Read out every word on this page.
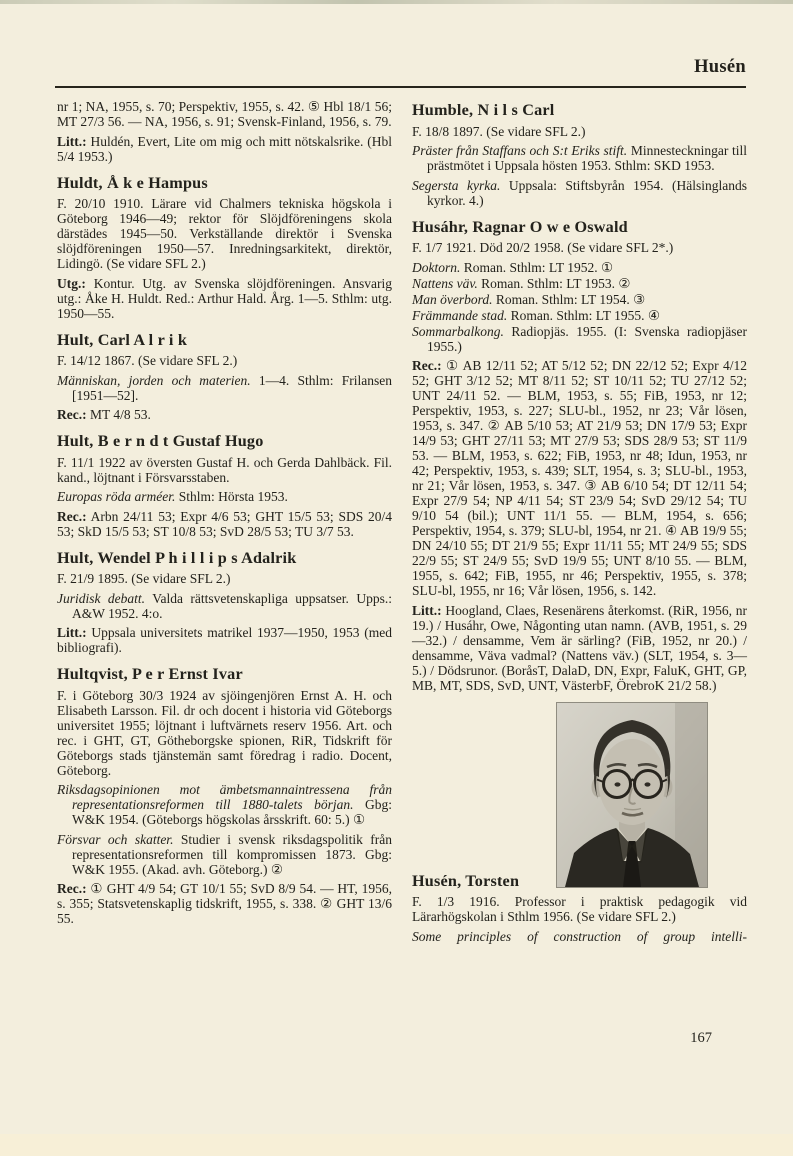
Husén

nr 1; NA, 1955, s. 70; Perspektiv, 1955, s. 42. ⑤ Hbl 18/1 56; MT 27/3 56. — NA, 1956, s. 91; Svensk-Finland, 1956, s. 79.

Litt.: Huldén, Evert, Lite om mig och mitt nötskalsrike. (Hbl 5/4 1953.)

Huldt, Å k e Hampus

F. 20/10 1910. Lärare vid Chalmers tekniska högskola i Göteborg 1946—49; rektor för Slöjdföreningens skola därstädes 1945—50. Verkställande direktör i Svenska slöjdföreningen 1950—57. Inredningsarkitekt, direktör, Lidingö. (Se vidare SFL 2.)

Utg.: Kontur. Utg. av Svenska slöjdföreningen. Ansvarig utg.: Åke H. Huldt. Red.: Arthur Hald. Årg. 1—5. Sthlm: utg. 1950—55.

Hult, Carl A l r i k

F. 14/12 1867. (Se vidare SFL 2.)

Människan, jorden och materien. 1—4. Sthlm: Frilansen [1951—52].

Rec.: MT 4/8 53.

Hult, B e r n d t Gustaf Hugo

F. 11/1 1922 av översten Gustaf H. och Gerda Dahlbäck. Fil. kand., löjtnant i Försvarsstaben.

Europas röda arméer. Sthlm: Hörsta 1953.

Rec.: Arbn 24/11 53; Expr 4/6 53; GHT 15/5 53; SDS 20/4 53; SkD 15/5 53; ST 10/8 53; SvD 28/5 53; TU 3/7 53.

Hult, Wendel P h i l l i p s Adalrik

F. 21/9 1895. (Se vidare SFL 2.)

Juridisk debatt. Valda rättsvetenskapliga uppsatser. Upps.: A&W 1952. 4:o.

Litt.: Uppsala universitets matrikel 1937—1950, 1953 (med bibliografi).

Hultqvist, P e r Ernst Ivar

F. i Göteborg 30/3 1924 av sjöingenjören Ernst A. H. och Elisabeth Larsson. Fil. dr och docent i historia vid Göteborgs universitet 1955; löjtnant i luftvärnets reserv 1956. Art. och rec. i GHT, GT, Götheborgske spionen, RiR, Tidskrift för Göteborgs stads tjänstemän samt föredrag i radio. Docent, Göteborg.

Riksdagsopinionen mot ämbetsmannaintressena från representationsreformen till 1880-talets början. Gbg: W&K 1954. (Göteborgs högskolas årsskrift. 60: 5.) ①

Försvar och skatter. Studier i svensk riksdagspolitik från representationsreformen till kompromissen 1873. Gbg: W&K 1955. (Akad. avh. Göteborg.) ②

Rec.: ① GHT 4/9 54; GT 10/1 55; SvD 8/9 54. — HT, 1956, s. 355; Statsvetenskaplig tidskrift, 1955, s. 338. ② GHT 13/6 55.

Humble, N i l s Carl

F. 18/8 1897. (Se vidare SFL 2.)

Präster från Staffans och S:t Eriks stift. Minnesteckningar till prästmötet i Uppsala hösten 1953. Sthlm: SKD 1953.

Segersta kyrka. Uppsala: Stiftsbyrån 1954. (Hälsinglands kyrkor. 4.)

Husáhr, Ragnar O w e Oswald

F. 1/7 1921. Död 20/2 1958. (Se vidare SFL 2*.)

Doktorn. Roman. Sthlm: LT 1952. ①

Nattens väv. Roman. Sthlm: LT 1953. ②

Man överbord. Roman. Sthlm: LT 1954. ③

Främmande stad. Roman. Sthlm: LT 1955. ④

Sommarbalkong. Radiopjäs. 1955. (I: Svenska radiopjäser 1955.)

Rec.: ① AB 12/11 52; AT 5/12 52; DN 22/12 52; Expr 4/12 52; GHT 3/12 52; MT 8/11 52; ST 10/11 52; TU 27/12 52; UNT 24/11 52. — BLM, 1953, s. 55; FiB, 1953, nr 12; Perspektiv, 1953, s. 227; SLU-bl., 1952, nr 23; Vår lösen, 1953, s. 347. ② AB 5/10 53; AT 21/9 53; DN 17/9 53; Expr 14/9 53; GHT 27/11 53; MT 27/9 53; SDS 28/9 53; ST 11/9 53. — BLM, 1953, s. 622; FiB, 1953, nr 48; Idun, 1953, nr 42; Perspektiv, 1953, s. 439; SLT, 1954, s. 3; SLU-bl., 1953, nr 21; Vår lösen, 1953, s. 347. ③ AB 6/10 54; DT 12/11 54; Expr 27/9 54; NP 4/11 54; ST 23/9 54; SvD 29/12 54; TU 9/10 54 (bil.); UNT 11/1 55. — BLM, 1954, s. 656; Perspektiv, 1954, s. 379; SLU-bl, 1954, nr 21. ④ AB 19/9 55; DN 24/10 55; DT 21/9 55; Expr 11/11 55; MT 24/9 55; SDS 22/9 55; ST 24/9 55; SvD 19/9 55; UNT 8/10 55. — BLM, 1955, s. 642; FiB, 1955, nr 46; Perspektiv, 1955, s. 378; SLU-bl, 1955, nr 16; Vår lösen, 1956, s. 142.

Litt.: Hoogland, Claes, Resenärens återkomst. (RiR, 1956, nr 19.) / Husáhr, Owe, Någonting utan namn. (AVB, 1951, s. 29—32.) / densamme, Vem är särling? (FiB, 1952, nr 20.) / densamme, Väva vadmal? (Nattens väv.) (SLT, 1954, s. 3—5.) / Dödsrunor. (BoråsT, DalaD, DN, Expr, FaluK, GHT, GP, MB, MT, SDS, SvD, UNT, VästerbF, ÖrebroK 21/2 58.)

Husén, Torsten

F. 1/3 1916. Professor i praktisk pedagogik vid Lärarhögskolan i Sthlm 1956. (Se vidare SFL 2.)

Some principles of construction of group intelli-

167
